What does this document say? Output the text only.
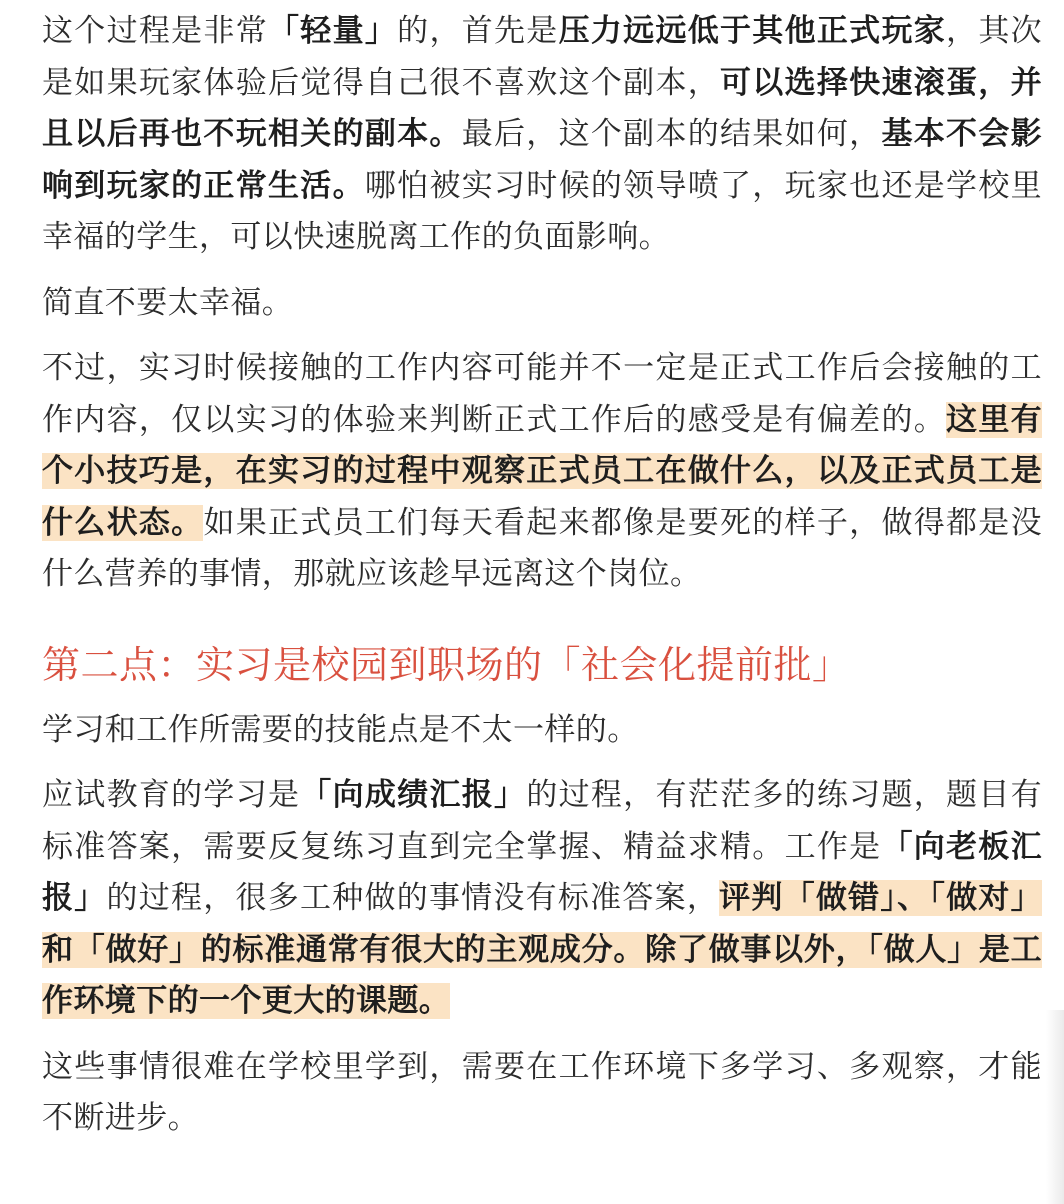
这个过程是非常「轻量」的，首先是压力远远低于其他正式玩家，其次是如果玩家体验后觉得自己很不喜欢这个副本，可以选择快速滚蛋，并且以后再也不玩相关的副本。最后，这个副本的结果如何，基本不会影响到玩家的正常生活。哪怕被实习时候的领导喷了，玩家也还是学校里幸福的学生，可以快速脱离工作的负面影响。

简直不要太幸福。

不过，实习时候接触的工作内容可能并不一定是正式工作后会接触的工作内容，仅以实习的体验来判断正式工作后的感受是有偏差的。这里有个小技巧是，在实习的过程中观察正式员工在做什么，以及正式员工是什么状态。如果正式员工们每天看起来都像是要死的样子，做得都是没什么营养的事情，那就应该趁早远离这个岗位。

第二点：实习是校园到职场的「社会化提前批」

学习和工作所需要的技能点是不太一样的。

应试教育的学习是「向成绩汇报」的过程，有茫茫多的练习题，题目有标准答案，需要反复练习直到完全掌握、精益求精。工作是「向老板汇报」的过程，很多工种做的事情没有标准答案，评判「做错」、「做对」和「做好」的标准通常有很大的主观成分。除了做事以外，「做人」是工作环境下的一个更大的课题。

这些事情很难在学校里学到，需要在工作环境下多学习、多观察，才能不断进步。
